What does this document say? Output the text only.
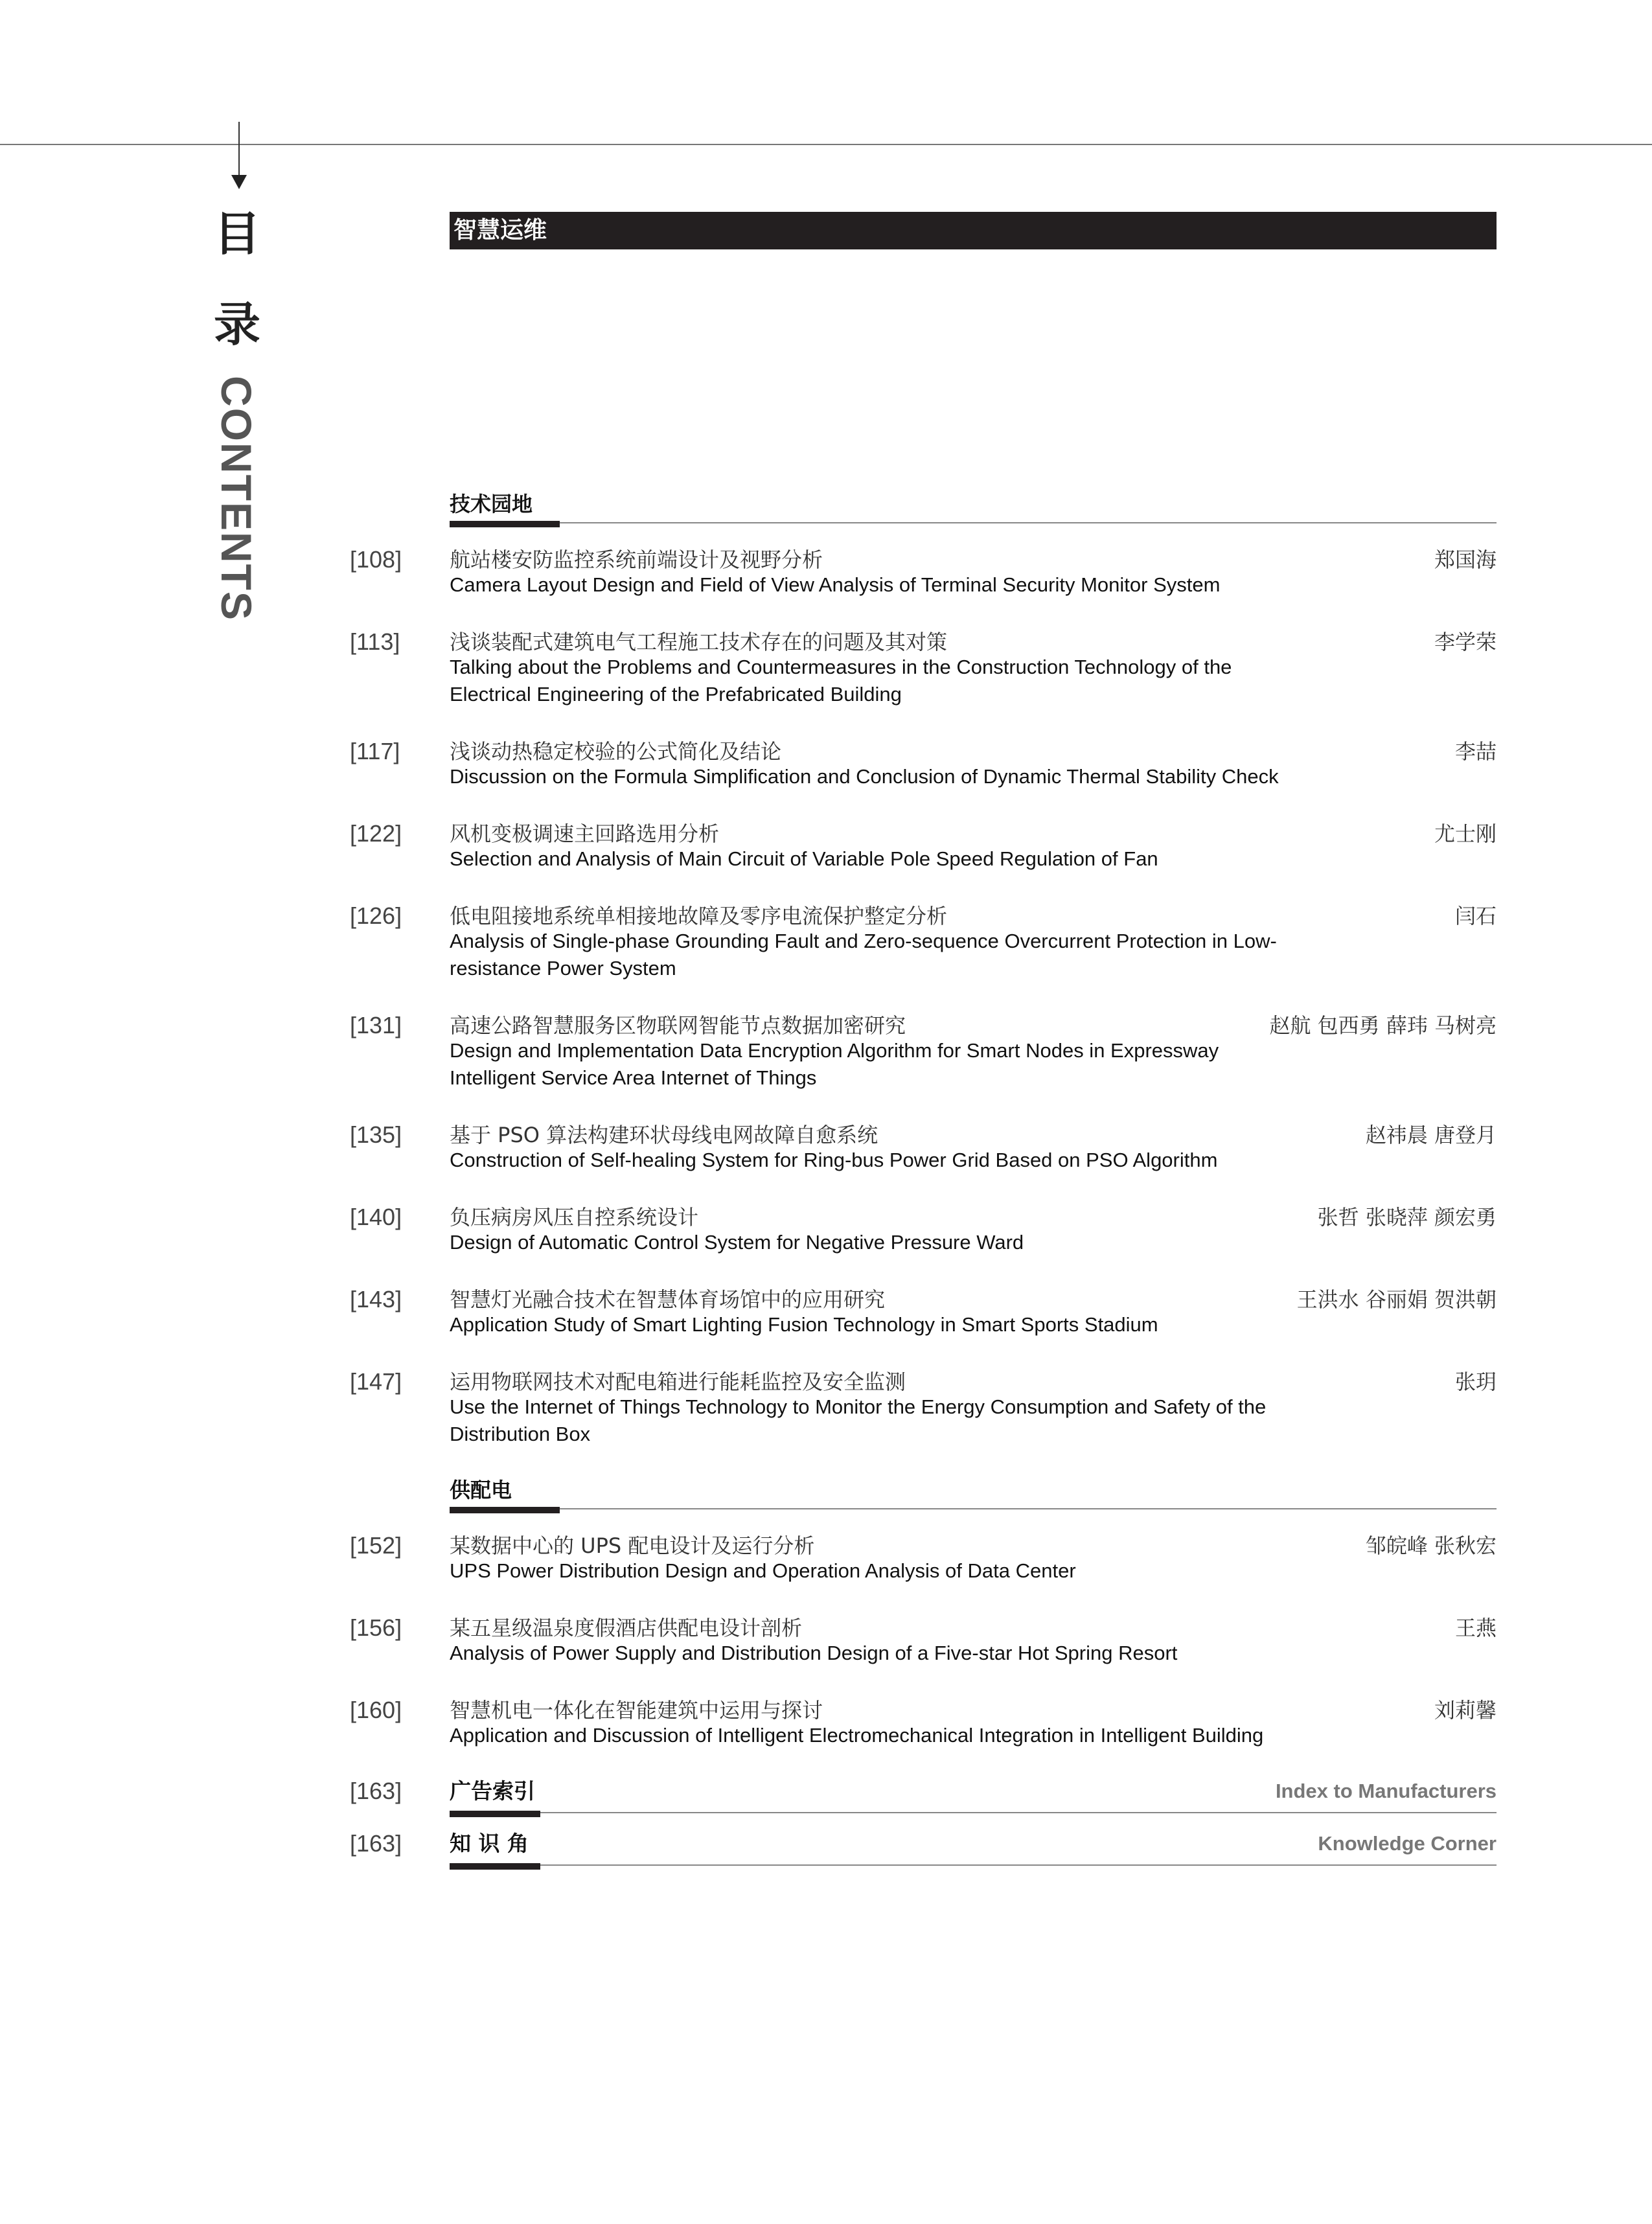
目
录
CONTENTS
智慧运维
技术园地
[108] 航站楼安防监控系统前端设计及视野分析
Camera Layout Design and Field of View Analysis of Terminal Security Monitor System
郑国海
[113] 浅谈装配式建筑电气工程施工技术存在的问题及其对策
Talking about the Problems and Countermeasures in the Construction Technology of the Electrical Engineering of the Prefabricated Building
李学荣
[117] 浅谈动热稳定校验的公式简化及结论
Discussion on the Formula Simplification and Conclusion of Dynamic Thermal Stability Check
李喆
[122] 风机变极调速主回路选用分析
Selection and Analysis of Main Circuit of Variable Pole Speed Regulation of Fan
尤士刚
[126] 低电阻接地系统单相接地故障及零序电流保护整定分析
Analysis of Single-phase Grounding Fault and Zero-sequence Overcurrent Protection in Low-resistance Power System
闫石
[131] 高速公路智慧服务区物联网智能节点数据加密研究
Design and Implementation Data Encryption Algorithm for Smart Nodes in Expressway Intelligent Service Area Internet of Things
赵航 包西勇 薛玮 马树亮
[135] 基于 PSO 算法构建环状母线电网故障自愈系统
Construction of Self-healing System for Ring-bus Power Grid Based on PSO Algorithm
赵祎晨 唐登月
[140] 负压病房风压自控系统设计
Design of Automatic Control System for Negative Pressure Ward
张哲 张晓萍 颜宏勇
[143] 智慧灯光融合技术在智慧体育场馆中的应用研究
Application Study of Smart Lighting Fusion Technology in Smart Sports Stadium
王洪水 谷丽娟 贺洪朝
[147] 运用物联网技术对配电箱进行能耗监控及安全监测
Use the Internet of Things Technology to Monitor the Energy Consumption and Safety of the Distribution Box
张玥
供配电
[152] 某数据中心的 UPS 配电设计及运行分析
UPS Power Distribution Design and Operation Analysis of Data Center
邹皖峰 张秋宏
[156] 某五星级温泉度假酒店供配电设计剖析
Analysis of Power Supply and Distribution Design of a Five-star Hot Spring Resort
王燕
[160] 智慧机电一体化在智能建筑中运用与探讨
Application and Discussion of Intelligent Electromechanical Integration in Intelligent Building
刘莉馨
[163] 广告索引	Index to Manufacturers
[163] 知 识 角	Knowledge Corner
